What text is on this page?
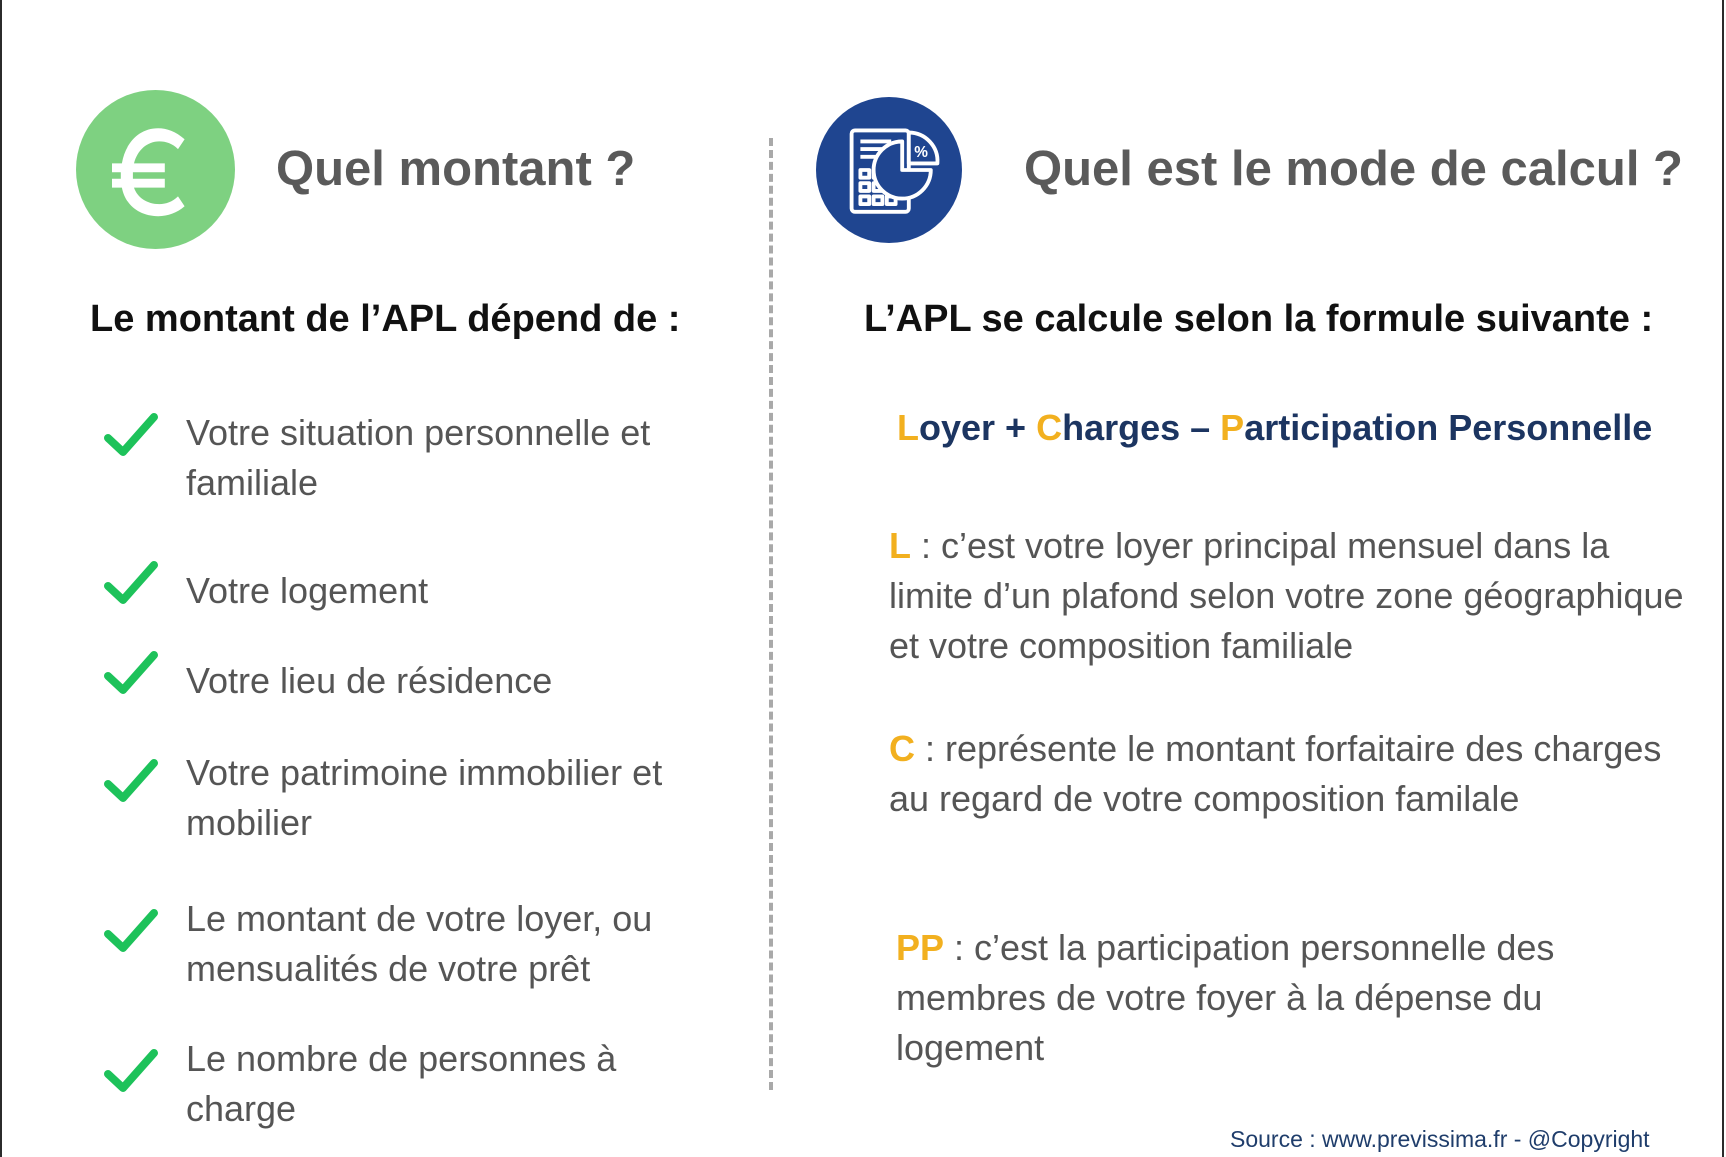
Quel montant ?
Le montant de l’APL dépend de :
Votre situation personnelle et familiale
Votre logement
Votre lieu de résidence
Votre patrimoine immobilier et mobilier
Le montant de votre loyer, ou mensualités de votre prêt
Le nombre de personnes à charge
% Quel est le mode de calcul ?
L’APL se calcule selon la formule suivante :
Loyer + Charges – Participation Personnelle
L : c’est votre loyer principal mensuel dans la limite d’un plafond selon votre zone géographique  et votre composition familiale
C : représente le montant forfaitaire des charges au regard de votre composition familale
PP : c’est la participation personnelle des membres de votre foyer à la dépense du logement
Source : www.previssima.fr - @Copyright
